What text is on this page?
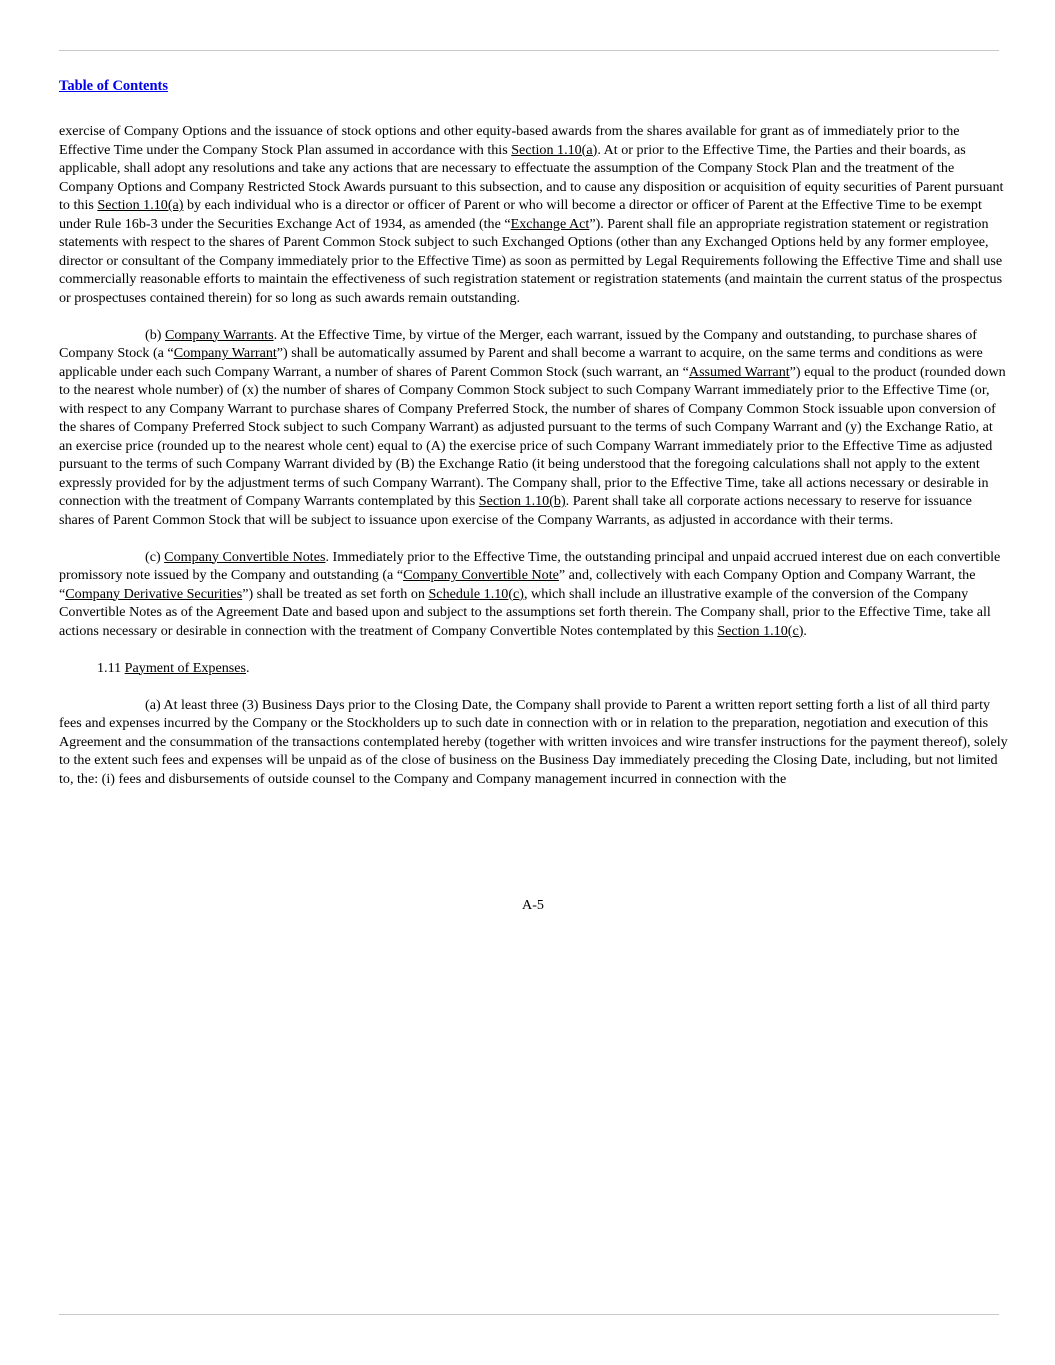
Table of Contents

exercise of Company Options and the issuance of stock options and other equity-based awards from the shares available for grant as of immediately prior to the Effective Time under the Company Stock Plan assumed in accordance with this Section 1.10(a). At or prior to the Effective Time, the Parties and their boards, as applicable, shall adopt any resolutions and take any actions that are necessary to effectuate the assumption of the Company Stock Plan and the treatment of the Company Options and Company Restricted Stock Awards pursuant to this subsection, and to cause any disposition or acquisition of equity securities of Parent pursuant to this Section 1.10(a) by each individual who is a director or officer of Parent or who will become a director or officer of Parent at the Effective Time to be exempt under Rule 16b-3 under the Securities Exchange Act of 1934, as amended (the “Exchange Act”). Parent shall file an appropriate registration statement or registration statements with respect to the shares of Parent Common Stock subject to such Exchanged Options (other than any Exchanged Options held by any former employee, director or consultant of the Company immediately prior to the Effective Time) as soon as permitted by Legal Requirements following the Effective Time and shall use commercially reasonable efforts to maintain the effectiveness of such registration statement or registration statements (and maintain the current status of the prospectus or prospectuses contained therein) for so long as such awards remain outstanding.

(b) Company Warrants. At the Effective Time, by virtue of the Merger, each warrant, issued by the Company and outstanding, to purchase shares of Company Stock (a “Company Warrant”) shall be automatically assumed by Parent and shall become a warrant to acquire, on the same terms and conditions as were applicable under each such Company Warrant, a number of shares of Parent Common Stock (such warrant, an “Assumed Warrant”) equal to the product (rounded down to the nearest whole number) of (x) the number of shares of Company Common Stock subject to such Company Warrant immediately prior to the Effective Time (or, with respect to any Company Warrant to purchase shares of Company Preferred Stock, the number of shares of Company Common Stock issuable upon conversion of the shares of Company Preferred Stock subject to such Company Warrant) as adjusted pursuant to the terms of such Company Warrant and (y) the Exchange Ratio, at an exercise price (rounded up to the nearest whole cent) equal to (A) the exercise price of such Company Warrant immediately prior to the Effective Time as adjusted pursuant to the terms of such Company Warrant divided by (B) the Exchange Ratio (it being understood that the foregoing calculations shall not apply to the extent expressly provided for by the adjustment terms of such Company Warrant). The Company shall, prior to the Effective Time, take all actions necessary or desirable in connection with the treatment of Company Warrants contemplated by this Section 1.10(b). Parent shall take all corporate actions necessary to reserve for issuance shares of Parent Common Stock that will be subject to issuance upon exercise of the Company Warrants, as adjusted in accordance with their terms.

(c) Company Convertible Notes. Immediately prior to the Effective Time, the outstanding principal and unpaid accrued interest due on each convertible promissory note issued by the Company and outstanding (a “Company Convertible Note” and, collectively with each Company Option and Company Warrant, the “Company Derivative Securities”) shall be treated as set forth on Schedule 1.10(c), which shall include an illustrative example of the conversion of the Company Convertible Notes as of the Agreement Date and based upon and subject to the assumptions set forth therein. The Company shall, prior to the Effective Time, take all actions necessary or desirable in connection with the treatment of Company Convertible Notes contemplated by this Section 1.10(c).

1.11 Payment of Expenses.

(a) At least three (3) Business Days prior to the Closing Date, the Company shall provide to Parent a written report setting forth a list of all third party fees and expenses incurred by the Company or the Stockholders up to such date in connection with or in relation to the preparation, negotiation and execution of this Agreement and the consummation of the transactions contemplated hereby (together with written invoices and wire transfer instructions for the payment thereof), solely to the extent such fees and expenses will be unpaid as of the close of business on the Business Day immediately preceding the Closing Date, including, but not limited to, the: (i) fees and disbursements of outside counsel to the Company and Company management incurred in connection with the

A-5
